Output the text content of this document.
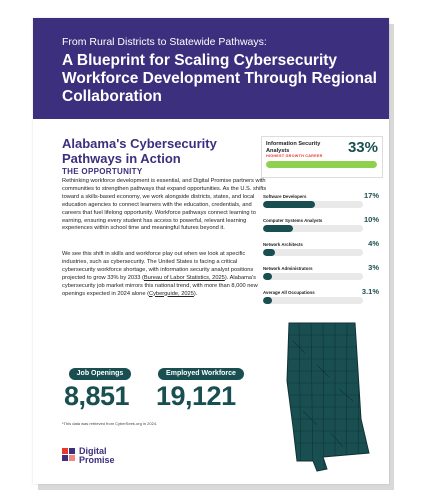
From Rural Districts to Statewide Pathways:
A Blueprint for Scaling Cybersecurity Workforce Development Through Regional Collaboration
Alabama's Cybersecurity Pathways in Action
THE OPPORTUNITY

Rethinking workforce development is essential, and Digital Promise partners with communities to strengthen pathways that expand opportunities. As the U.S. shifts toward a skills-based economy, we work alongside districts, states, and local education agencies to connect learners with the education, credentials, and careers that fuel lifelong opportunity. Workforce pathways connect learning to earning, ensuring every student has access to powerful, relevant learning experiences within school time and meaningful futures beyond it.

We see this shift in skills and workforce play out when we look at specific industries, such as cybersecurity. The United States is facing a critical cybersecurity workforce shortage, with information security analyst positions projected to grow 33% by 2033 (Bureau of Labor Statistics, 2025). Alabama's cybersecurity job market mirrors this national trend, with more than 8,000 new openings expected in 2024 alone (Cyberguide, 2025).

Job Openings
8,851
Employed Workforce
19,121
*This data was retrieved from CyberSeek.org in 2024.
Digital
Promise
Information Security Analysts	33%
HIGHEST GROWTH CAREER
Software Developers	17%
Computer Systems Analysts	10%
Network Architects	4%
Network Administrators	3%
Average All Occupations	3.1%
